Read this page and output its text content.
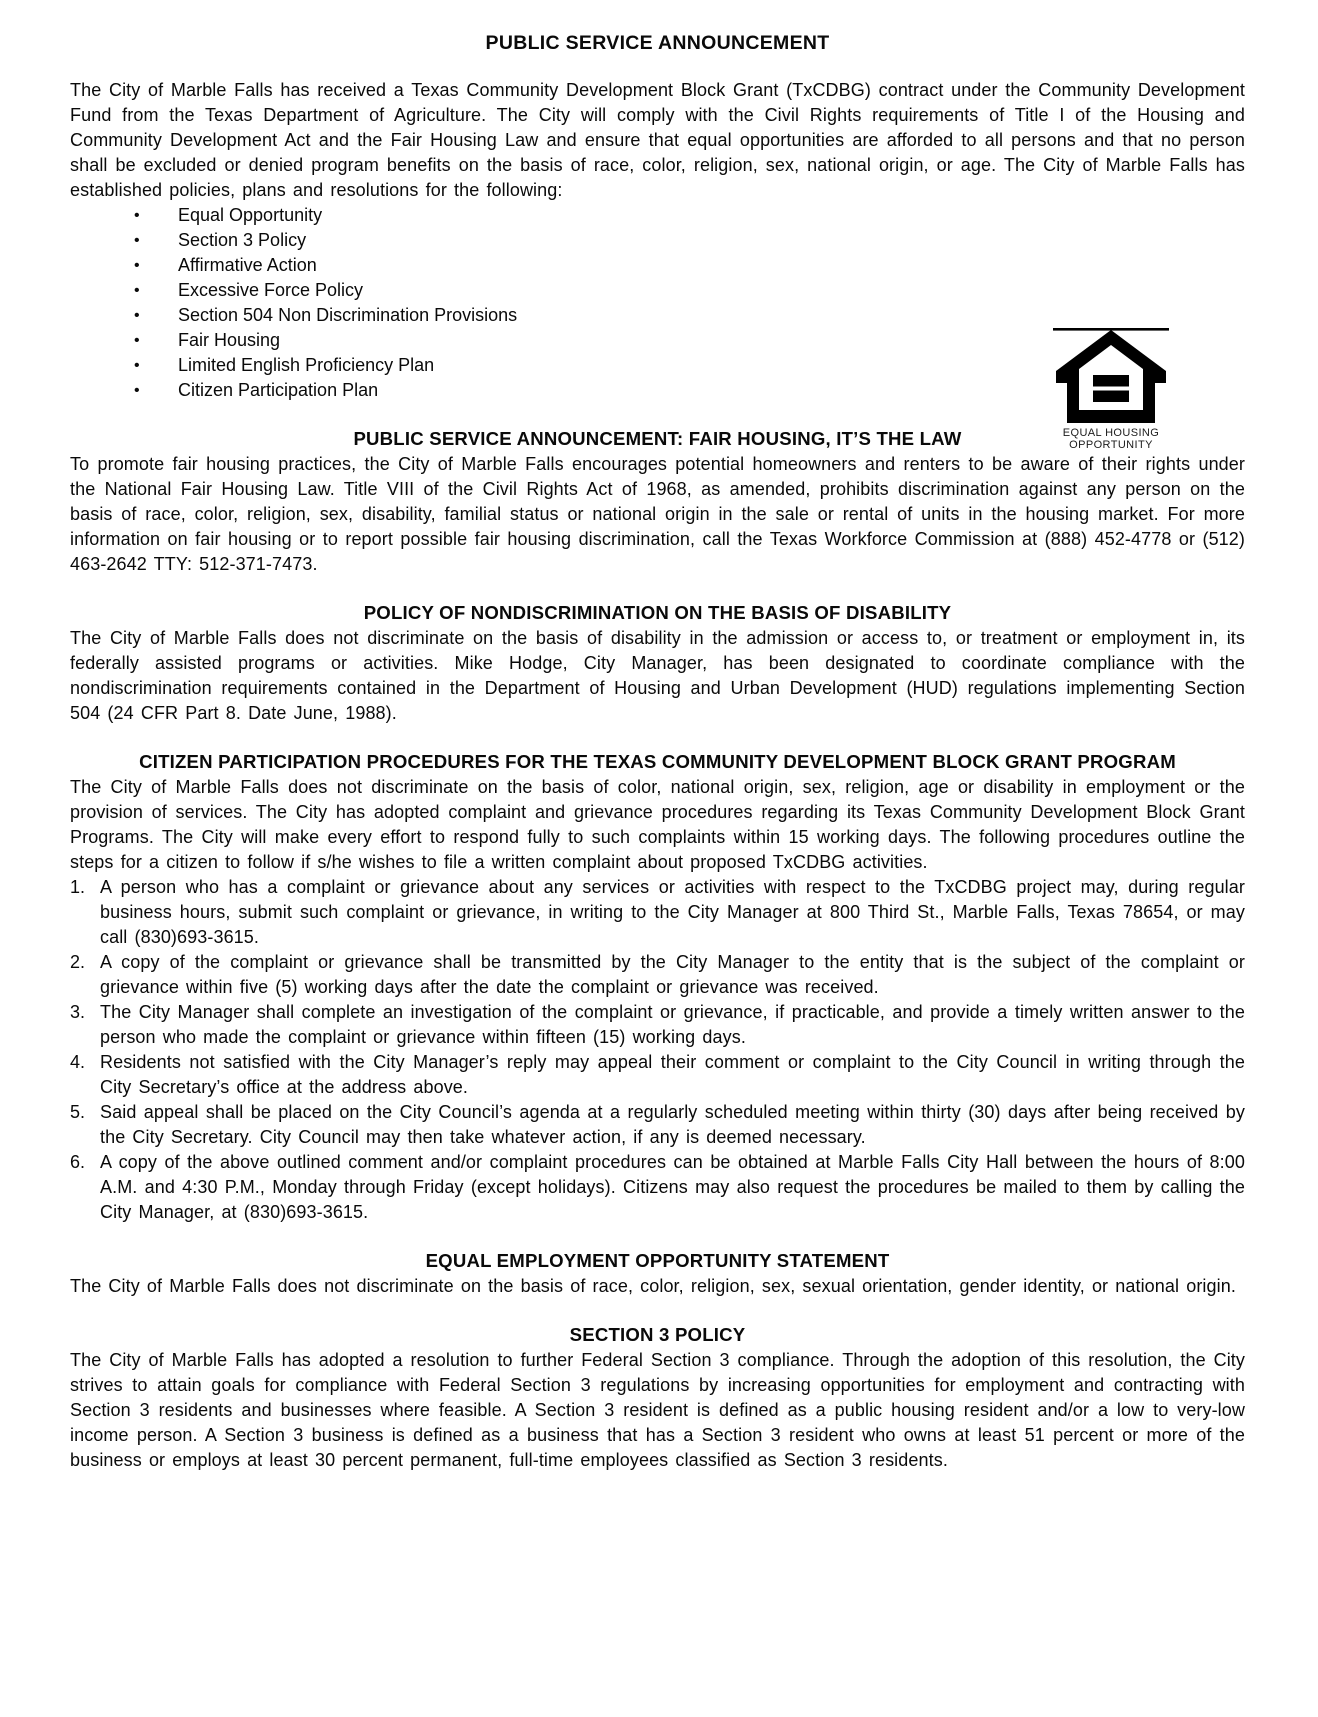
PUBLIC SERVICE ANNOUNCEMENT

The City of Marble Falls has received a Texas Community Development Block Grant (TxCDBG) contract under the Community Development Fund from the Texas Department of Agriculture. The City will comply with the Civil Rights requirements of Title I of the Housing and Community Development Act and the Fair Housing Law and ensure that equal opportunities are afforded to all persons and that no person shall be excluded or denied program benefits on the basis of race, color, religion, sex, national origin, or age. The City of Marble Falls has established policies, plans and resolutions for the following:

• Equal Opportunity
• Section 3 Policy
• Affirmative Action
• Excessive Force Policy
• Section 504 Non Discrimination Provisions
• Fair Housing
• Limited English Proficiency Plan
• Citizen Participation Plan
EQUAL HOUSING
OPPORTUNITY
PUBLIC SERVICE ANNOUNCEMENT: FAIR HOUSING, IT’S THE LAW

To promote fair housing practices, the City of Marble Falls encourages potential homeowners and renters to be aware of their rights under the National Fair Housing Law. Title VIII of the Civil Rights Act of 1968, as amended, prohibits discrimination against any person on the basis of race, color, religion, sex, disability, familial status or national origin in the sale or rental of units in the housing market. For more information on fair housing or to report possible fair housing discrimination, call the Texas Workforce Commission at (888) 452-4778 or (512) 463-2642 TTY: 512-371-7473.

POLICY OF NONDISCRIMINATION ON THE BASIS OF DISABILITY

The City of Marble Falls does not discriminate on the basis of disability in the admission or access to, or treatment or employment in, its federally assisted programs or activities. Mike Hodge, City Manager, has been designated to coordinate compliance with the nondiscrimination requirements contained in the Department of Housing and Urban Development (HUD) regulations implementing Section 504 (24 CFR Part 8. Date June, 1988).

CITIZEN PARTICIPATION PROCEDURES FOR THE TEXAS COMMUNITY DEVELOPMENT BLOCK GRANT PROGRAM

The City of Marble Falls does not discriminate on the basis of color, national origin, sex, religion, age or disability in employment or the provision of services. The City has adopted complaint and grievance procedures regarding its Texas Community Development Block Grant Programs. The City will make every effort to respond fully to such complaints within 15 working days. The following procedures outline the steps for a citizen to follow if s/he wishes to file a written complaint about proposed TxCDBG activities.

1. A person who has a complaint or grievance about any services or activities with respect to the TxCDBG project may, during regular business hours, submit such complaint or grievance, in writing to the City Manager at 800 Third St., Marble Falls, Texas 78654, or may call (830)693-3615.
2. A copy of the complaint or grievance shall be transmitted by the City Manager to the entity that is the subject of the complaint or grievance within five (5) working days after the date the complaint or grievance was received.
3. The City Manager shall complete an investigation of the complaint or grievance, if practicable, and provide a timely written answer to the person who made the complaint or grievance within fifteen (15) working days.
4. Residents not satisfied with the City Manager’s reply may appeal their comment or complaint to the City Council in writing through the City Secretary’s office at the address above.
5. Said appeal shall be placed on the City Council’s agenda at a regularly scheduled meeting within thirty (30) days after being received by the City Secretary. City Council may then take whatever action, if any is deemed necessary.
6. A copy of the above outlined comment and/or complaint procedures can be obtained at Marble Falls City Hall between the hours of 8:00 A.M. and 4:30 P.M., Monday through Friday (except holidays). Citizens may also request the procedures be mailed to them by calling the City Manager, at (830)693-3615.
EQUAL EMPLOYMENT OPPORTUNITY STATEMENT

The City of Marble Falls does not discriminate on the basis of race, color, religion, sex, sexual orientation, gender identity, or national origin.

SECTION 3 POLICY

The City of Marble Falls has adopted a resolution to further Federal Section 3 compliance. Through the adoption of this resolution, the City strives to attain goals for compliance with Federal Section 3 regulations by increasing opportunities for employment and contracting with Section 3 residents and businesses where feasible. A Section 3 resident is defined as a public housing resident and/or a low to very-low income person. A Section 3 business is defined as a business that has a Section 3 resident who owns at least 51 percent or more of the business or employs at least 30 percent permanent, full-time employees classified as Section 3 residents.
